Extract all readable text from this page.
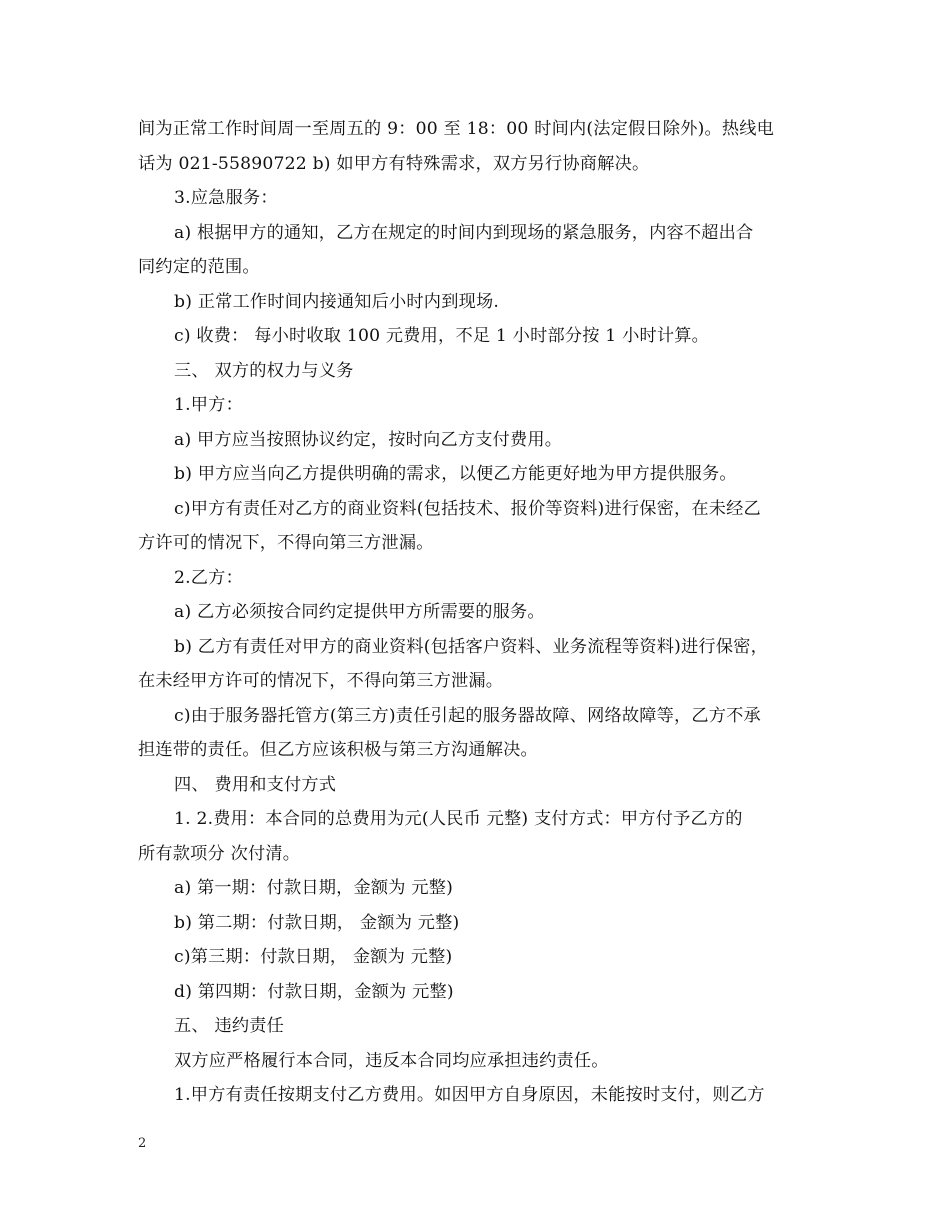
间为正常工作时间周一至周五的 9：00 至 18：00 时间内(法定假日除外)。热线电
话为 021-55890722 b) 如甲方有特殊需求，双方另行协商解决。
3.应急服务：
a) 根据甲方的通知，乙方在规定的时间内到现场的紧急服务，内容不超出合
同约定的范围。
b) 正常工作时间内接通知后小时内到现场.
c) 收费： 每小时收取 100 元费用，不足 1 小时部分按 1 小时计算。
三、 双方的权力与义务
1.甲方：
a) 甲方应当按照协议约定，按时向乙方支付费用。
b) 甲方应当向乙方提供明确的需求，以便乙方能更好地为甲方提供服务。
c)甲方有责任对乙方的商业资料(包括技术、报价等资料)进行保密，在未经乙
方许可的情况下，不得向第三方泄漏。
2.乙方：
a) 乙方必须按合同约定提供甲方所需要的服务。
b) 乙方有责任对甲方的商业资料(包括客户资料、业务流程等资料)进行保密，
在未经甲方许可的情况下，不得向第三方泄漏。
c)由于服务器托管方(第三方)责任引起的服务器故障、网络故障等，乙方不承
担连带的责任。但乙方应该积极与第三方沟通解决。
四、 费用和支付方式
1. 2.费用：本合同的总费用为元(人民币 元整) 支付方式：甲方付予乙方的
所有款项分 次付清。
a) 第一期：付款日期，金额为 元整)
b) 第二期：付款日期， 金额为 元整)
c)第三期：付款日期， 金额为 元整)
d) 第四期：付款日期，金额为 元整)
五、 违约责任
双方应严格履行本合同，违反本合同均应承担违约责任。
1.甲方有责任按期支付乙方费用。如因甲方自身原因，未能按时支付，则乙方
2
